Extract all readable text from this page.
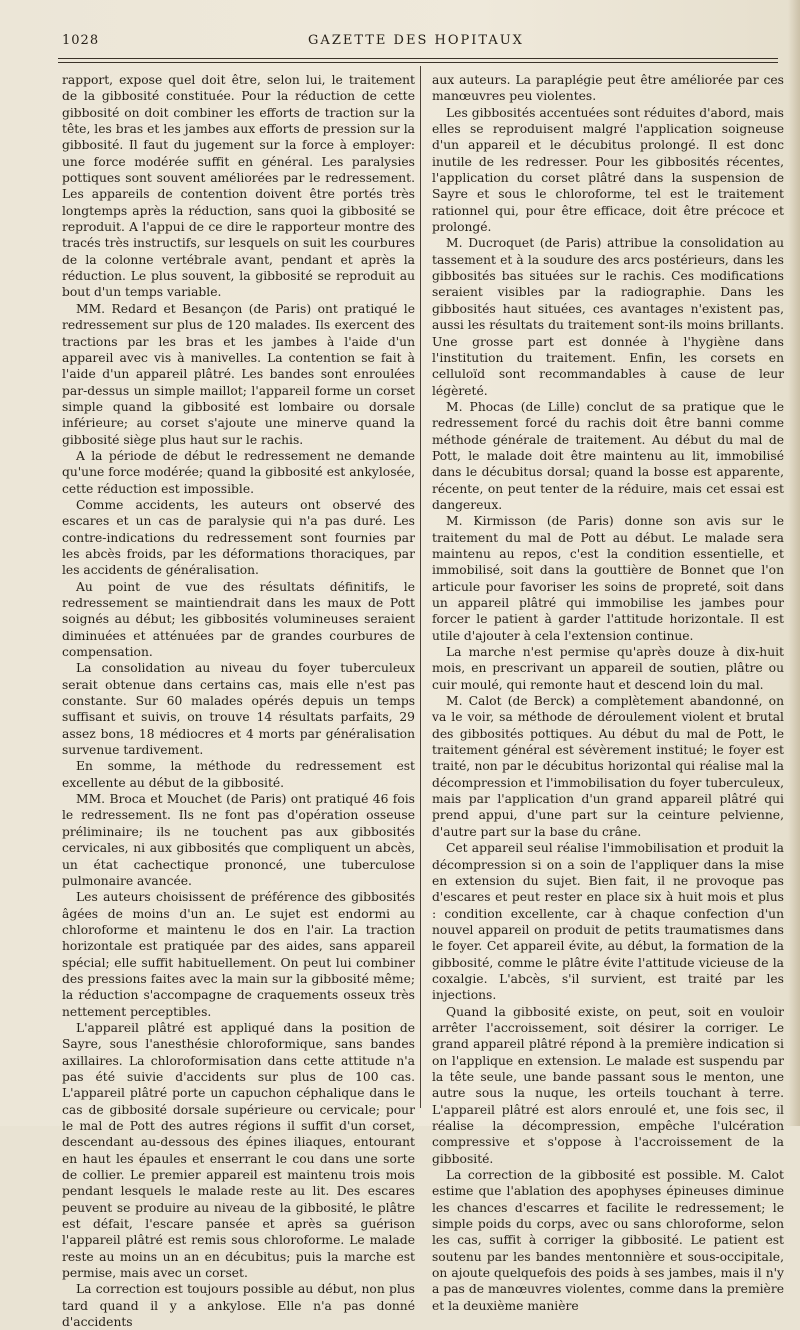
1028	GAZETTE DES HOPITAUX

rapport, expose quel doit être, selon lui, le traitement de la gibbosité constituée. Pour la réduction de cette gibbosité on doit combiner les efforts de traction sur la tête, les bras et les jambes aux efforts de pression sur la gibbosité. Il faut du jugement sur la force à employer: une force modérée suffit en général. Les paralysies pottiques sont souvent améliorées par le redressement. Les appareils de contention doivent être portés très longtemps après la réduction, sans quoi la gibbosité se reproduit. A l'appui de ce dire le rapporteur montre des tracés très instructifs, sur lesquels on suit les courbures de la colonne vertébrale avant, pendant et après la réduction. Le plus souvent, la gibbosité se reproduit au bout d'un temps variable.

MM. Redard et Besançon (de Paris) ont pratiqué le redressement sur plus de 120 malades. Ils exercent des tractions par les bras et les jambes à l'aide d'un appareil avec vis à manivelles. La contention se fait à l'aide d'un appareil plâtré. Les bandes sont enroulées par-dessus un simple maillot; l'appareil forme un corset simple quand la gibbosité est lombaire ou dorsale inférieure; au corset s'ajoute une minerve quand la gibbosité siège plus haut sur le rachis.

A la période de début le redressement ne demande qu'une force modérée; quand la gibbosité est ankylosée, cette réduction est impossible.

Comme accidents, les auteurs ont observé des escares et un cas de paralysie qui n'a pas duré. Les contre-indications du redressement sont fournies par les abcès froids, par les déformations thoraciques, par les accidents de généralisation.

Au point de vue des résultats définitifs, le redressement se maintiendrait dans les maux de Pott soignés au début; les gibbosités volumineuses seraient diminuées et atténuées par de grandes courbures de compensation.

La consolidation au niveau du foyer tuberculeux serait obtenue dans certains cas, mais elle n'est pas constante. Sur 60 malades opérés depuis un temps suffisant et suivis, on trouve 14 résultats parfaits, 29 assez bons, 18 médiocres et 4 morts par généralisation survenue tardivement.

En somme, la méthode du redressement est excellente au début de la gibbosité.

MM. Broca et Mouchet (de Paris) ont pratiqué 46 fois le redressement. Ils ne font pas d'opération osseuse préliminaire; ils ne touchent pas aux gibbosités cervicales, ni aux gibbosités que compliquent un abcès, un état cachectique prononcé, une tuberculose pulmonaire avancée.

Les auteurs choisissent de préférence des gibbosités âgées de moins d'un an. Le sujet est endormi au chloroforme et maintenu le dos en l'air. La traction horizontale est pratiquée par des aides, sans appareil spécial; elle suffit habituellement. On peut lui combiner des pressions faites avec la main sur la gibbosité même; la réduction s'accompagne de craquements osseux très nettement perceptibles.

L'appareil plâtré est appliqué dans la position de Sayre, sous l'anesthésie chloroformique, sans bandes axillaires. La chloroformisation dans cette attitude n'a pas été suivie d'accidents sur plus de 100 cas. L'appareil plâtré porte un capuchon céphalique dans le cas de gibbosité dorsale supérieure ou cervicale; pour le mal de Pott des autres régions il suffit d'un corset, descendant au-dessous des épines iliaques, entourant en haut les épaules et enserrant le cou dans une sorte de collier. Le premier appareil est maintenu trois mois pendant lesquels le malade reste au lit. Des escares peuvent se produire au niveau de la gibbosité, le plâtre est défait, l'escare pansée et après sa guérison l'appareil plâtré est remis sous chloroforme. Le malade reste au moins un an en décubitus; puis la marche est permise, mais avec un corset.

La correction est toujours possible au début, non plus tard quand il y a ankylose. Elle n'a pas donné d'accidents

aux auteurs. La paraplégie peut être améliorée par ces manœuvres peu violentes.

Les gibbosités accentuées sont réduites d'abord, mais elles se reproduisent malgré l'application soigneuse d'un appareil et le décubitus prolongé. Il est donc inutile de les redresser. Pour les gibbosités récentes, l'application du corset plâtré dans la suspension de Sayre et sous le chloroforme, tel est le traitement rationnel qui, pour être efficace, doit être précoce et prolongé.

M. Ducroquet (de Paris) attribue la consolidation au tassement et à la soudure des arcs postérieurs, dans les gibbosités bas situées sur le rachis. Ces modifications seraient visibles par la radiographie. Dans les gibbosités haut situées, ces avantages n'existent pas, aussi les résultats du traitement sont-ils moins brillants. Une grosse part est donnée à l'hygiène dans l'institution du traitement. Enfin, les corsets en celluloïd sont recommandables à cause de leur légèreté.

M. Phocas (de Lille) conclut de sa pratique que le redressement forcé du rachis doit être banni comme méthode générale de traitement. Au début du mal de Pott, le malade doit être maintenu au lit, immobilisé dans le décubitus dorsal; quand la bosse est apparente, récente, on peut tenter de la réduire, mais cet essai est dangereux.

M. Kirmisson (de Paris) donne son avis sur le traitement du mal de Pott au début. Le malade sera maintenu au repos, c'est la condition essentielle, et immobilisé, soit dans la gouttière de Bonnet que l'on articule pour favoriser les soins de propreté, soit dans un appareil plâtré qui immobilise les jambes pour forcer le patient à garder l'attitude horizontale. Il est utile d'ajouter à cela l'extension continue.

La marche n'est permise qu'après douze à dix-huit mois, en prescrivant un appareil de soutien, plâtre ou cuir moulé, qui remonte haut et descend loin du mal.

M. Calot (de Berck) a complètement abandonné, on va le voir, sa méthode de déroulement violent et brutal des gibbosités pottiques. Au début du mal de Pott, le traitement général est sévèrement institué; le foyer est traité, non par le décubitus horizontal qui réalise mal la décompression et l'immobilisation du foyer tuberculeux, mais par l'application d'un grand appareil plâtré qui prend appui, d'une part sur la ceinture pelvienne, d'autre part sur la base du crâne.

Cet appareil seul réalise l'immobilisation et produit la décompression si on a soin de l'appliquer dans la mise en extension du sujet. Bien fait, il ne provoque pas d'escares et peut rester en place six à huit mois et plus : condition excellente, car à chaque confection d'un nouvel appareil on produit de petits traumatismes dans le foyer. Cet appareil évite, au début, la formation de la gibbosité, comme le plâtre évite l'attitude vicieuse de la coxalgie. L'abcès, s'il survient, est traité par les injections.

Quand la gibbosité existe, on peut, soit en vouloir arrêter l'accroissement, soit désirer la corriger. Le grand appareil plâtré répond à la première indication si on l'applique en extension. Le malade est suspendu par la tête seule, une bande passant sous le menton, une autre sous la nuque, les orteils touchant à terre. L'appareil plâtré est alors enroulé et, une fois sec, il réalise la décompression, empêche l'ulcération compressive et s'oppose à l'accroissement de la gibbosité.

La correction de la gibbosité est possible. M. Calot estime que l'ablation des apophyses épineuses diminue les chances d'escarres et facilite le redressement; le simple poids du corps, avec ou sans chloroforme, selon les cas, suffit à corriger la gibbosité. Le patient est soutenu par les bandes mentonnière et sous-occipitale, on ajoute quelquefois des poids à ses jambes, mais il n'y a pas de manœuvres violentes, comme dans la première et la deuxième manière
